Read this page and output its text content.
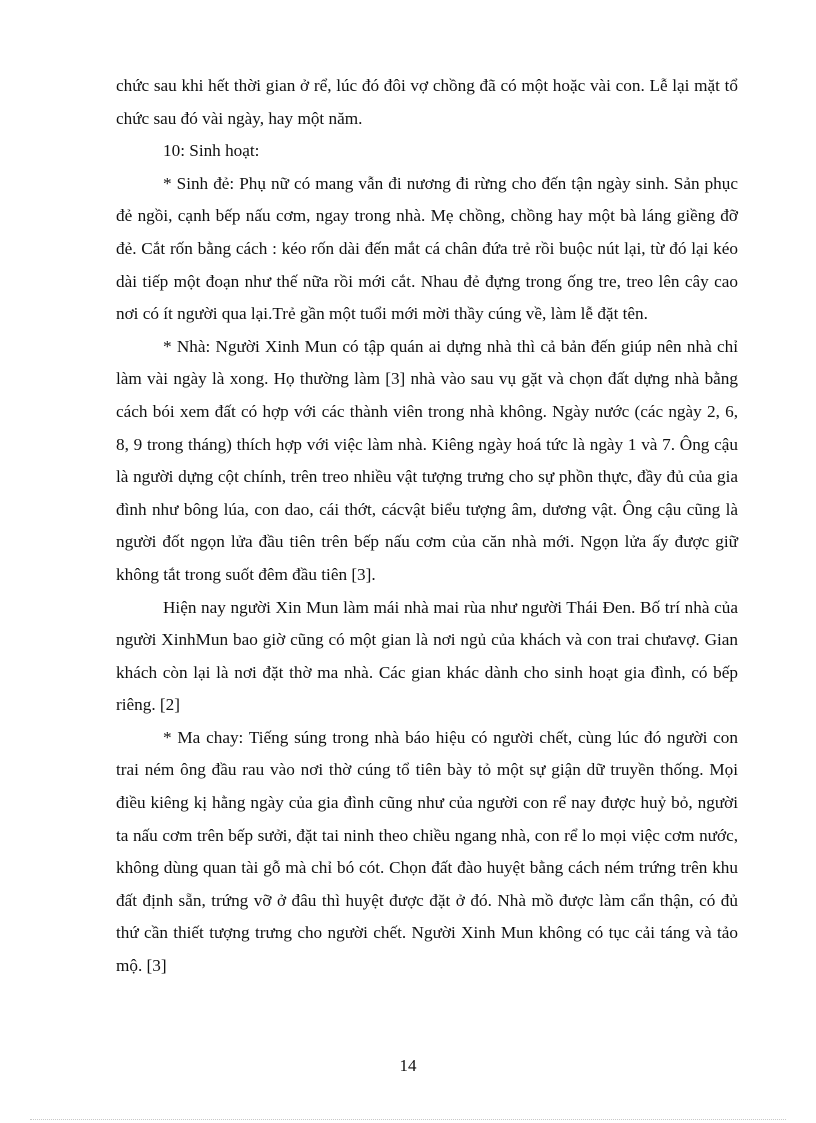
chức sau khi hết thời gian ở rể, lúc đó đôi vợ chồng đã có một hoặc vài con. Lễ lại mặt tổ chức sau đó vài ngày, hay một năm.

10: Sinh hoạt:

* Sinh đẻ: Phụ nữ có mang vẫn đi nương đi rừng cho đến tận ngày sinh. Sản phục đẻ ngồi, cạnh bếp nấu cơm, ngay trong nhà. Mẹ chồng, chồng hay một bà láng giềng đỡ đẻ. Cắt rốn bằng cách : kéo rốn dài đến mắt cá chân đứa trẻ rồi buộc nút lại, từ đó lại kéo dài tiếp một đoạn như thế nữa rồi mới cắt. Nhau đẻ đựng trong ống tre, treo lên cây cao nơi có ít người qua lại.Trẻ gần một tuổi mới mời thầy cúng về, làm lễ đặt tên.

* Nhà: Người Xinh Mun có tập quán ai dựng nhà thì cả bản đến giúp nên nhà chỉ làm vài ngày là xong. Họ thường làm [3] nhà vào sau vụ gặt và chọn đất dựng nhà bằng cách bói xem đất có hợp với các thành viên trong nhà không. Ngày nước (các ngày 2, 6, 8, 9 trong tháng) thích hợp với việc làm nhà. Kiêng ngày hoá tức là ngày 1 và 7. Ông cậu là người dựng cột chính, trên treo nhiều vật tượng trưng cho sự phồn thực, đầy đủ của gia đình như bông lúa, con dao, cái thớt, cácvật biểu tượng âm, dương vật. Ông cậu cũng là người đốt ngọn lửa đầu tiên trên bếp nấu cơm của căn nhà mới. Ngọn lửa ấy được giữ không tắt trong suốt đêm đầu tiên [3].

Hiện nay người Xin Mun làm mái nhà mai rùa như người Thái Đen. Bố trí nhà của người XinhMun bao giờ cũng có một gian là nơi ngủ của khách và con trai chưavợ. Gian khách còn lại là nơi đặt thờ ma nhà. Các gian khác dành cho sinh hoạt gia đình, có bếp riêng. [2]

* Ma chay: Tiếng súng trong nhà báo hiệu có người chết, cùng lúc đó người con trai ném ông đầu rau vào nơi thờ cúng tổ tiên bày tỏ một sự giận dữ truyền thống. Mọi điều kiêng kị hằng ngày của gia đình cũng như của người con rể nay được huỷ bỏ, người ta nấu cơm trên bếp sưởi, đặt tai ninh theo chiều ngang nhà, con rể lo mọi việc cơm nước, không dùng quan tài gỗ mà chỉ bó cót. Chọn đất đào huyệt bằng cách ném trứng trên khu đất định sẵn, trứng vỡ ở đâu thì huyệt được đặt ở đó. Nhà mồ được làm cẩn thận, có đủ thứ cần thiết tượng trưng cho người chết. Người Xinh Mun không có tục cải táng và tảo mộ. [3]

14
